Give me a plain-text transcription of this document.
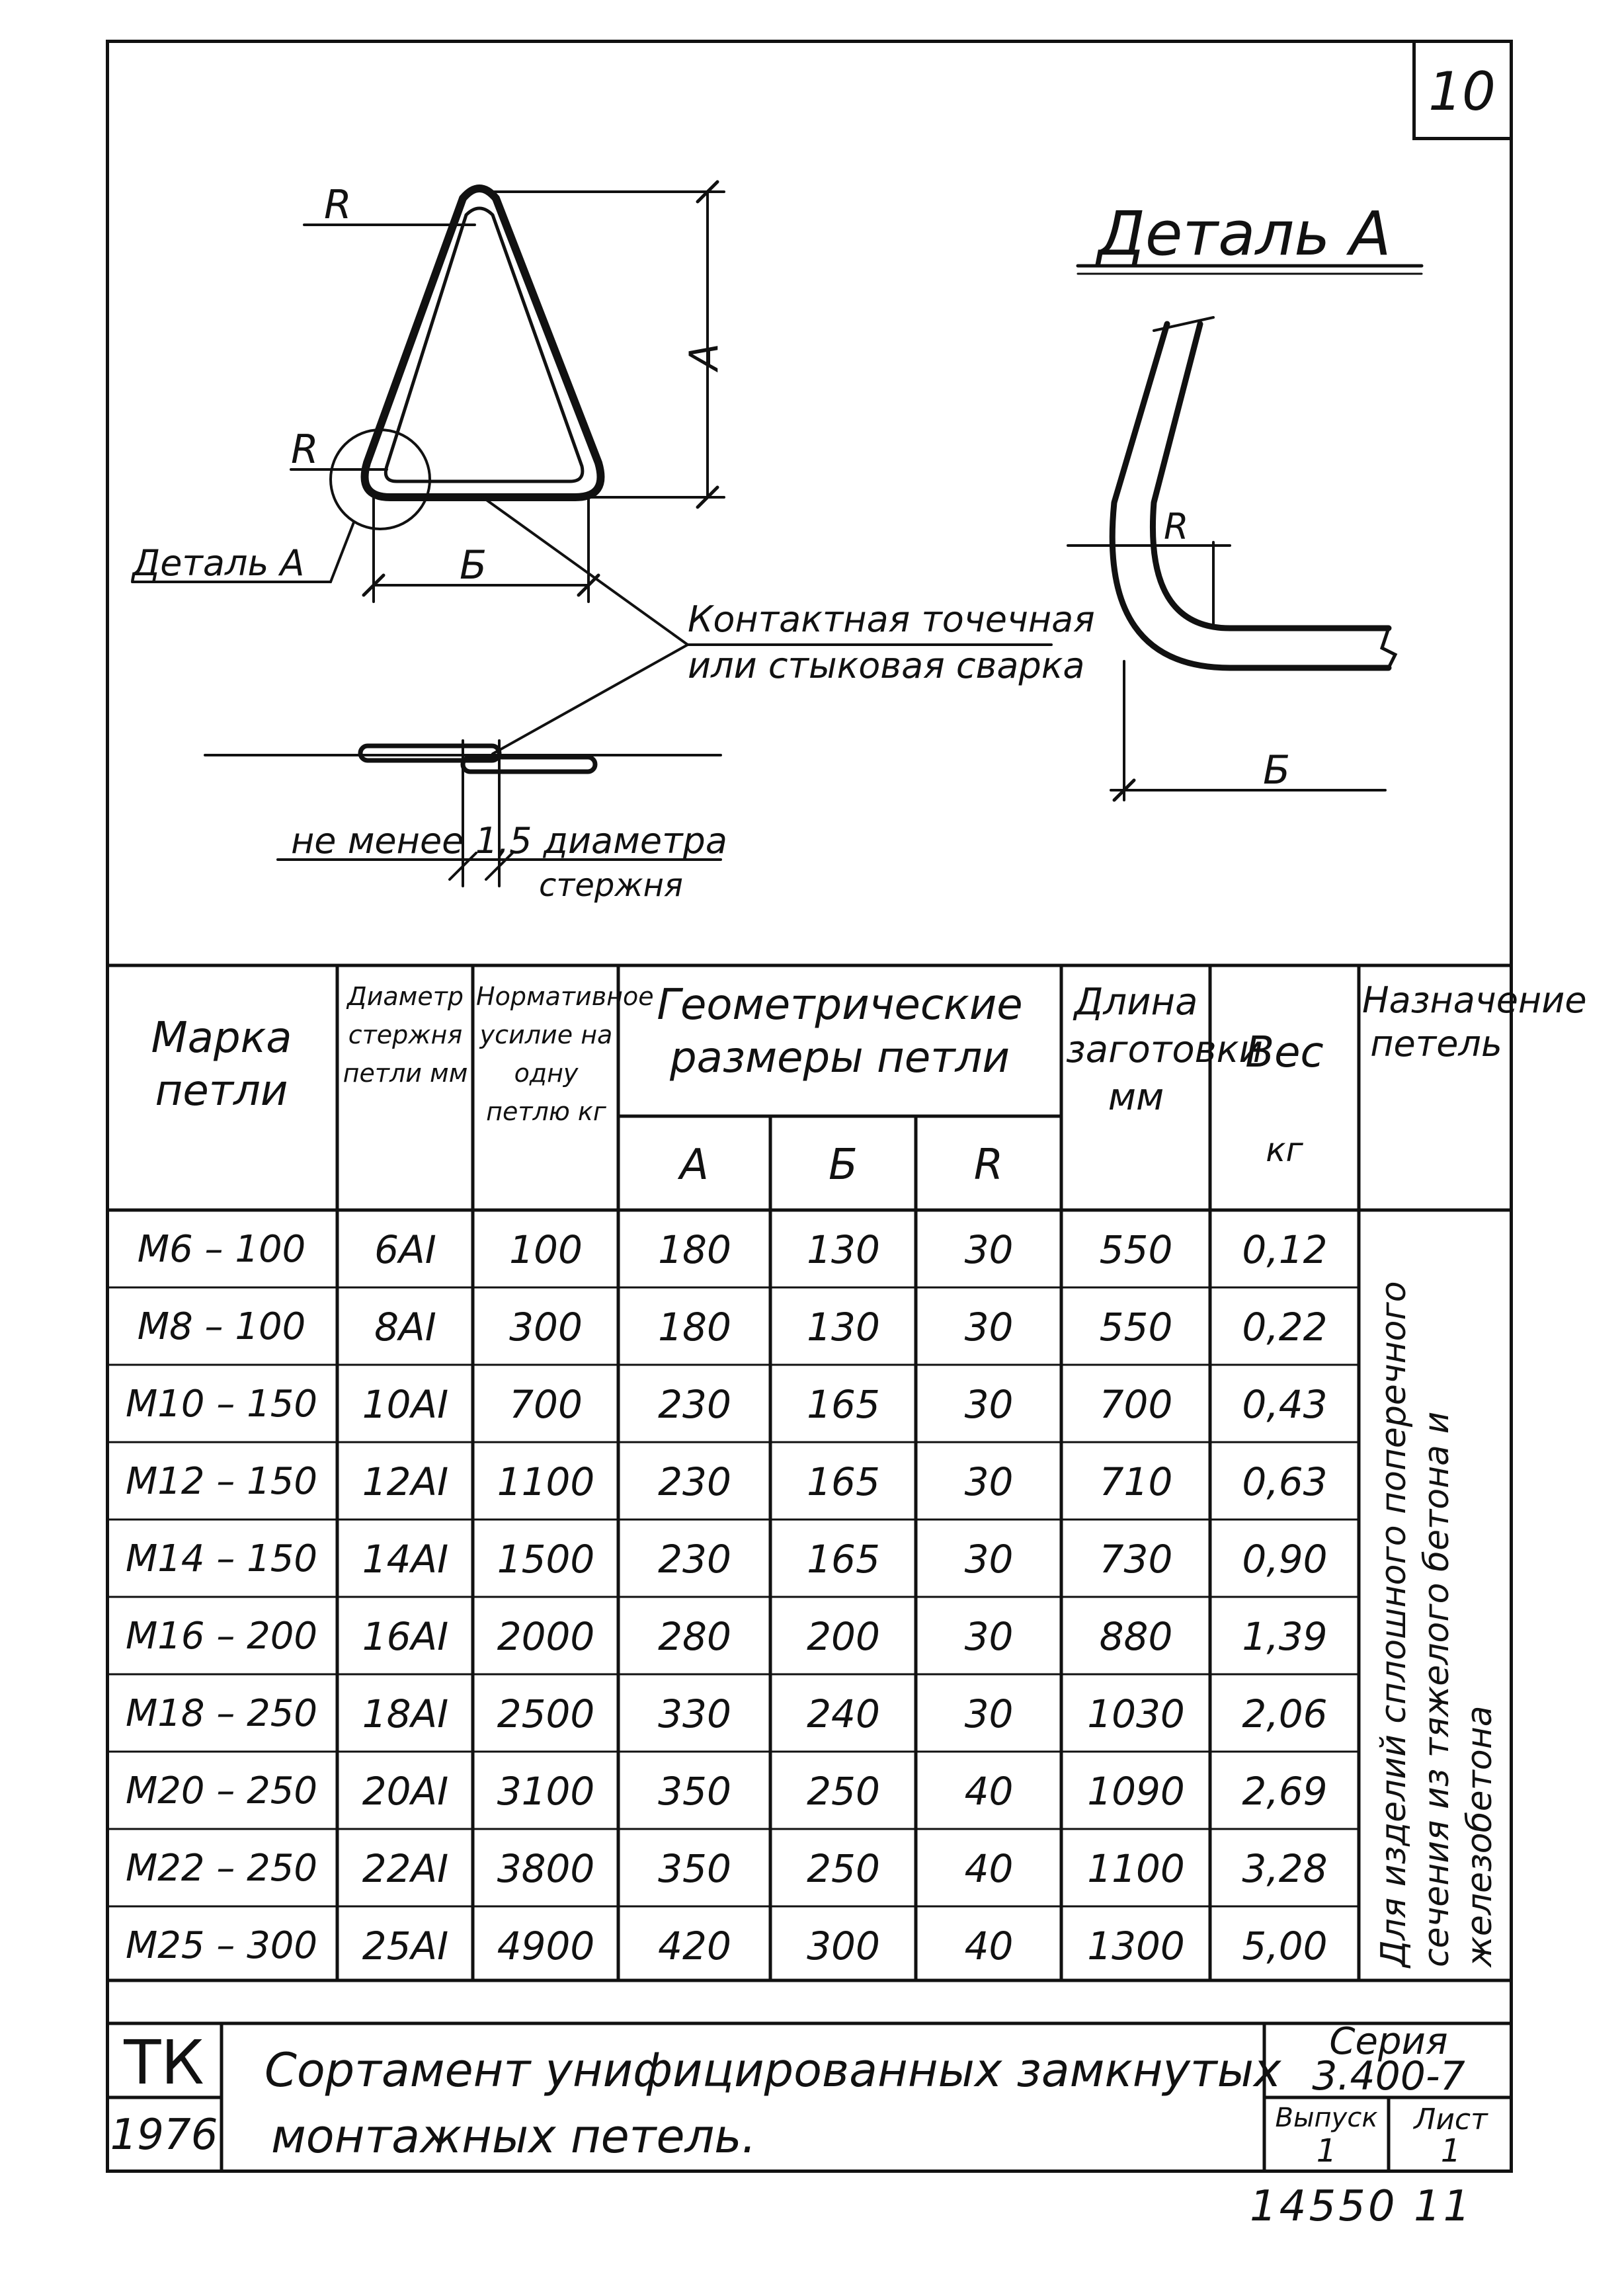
10
R
R
А
Б
Деталь А
Контактная точечная
или стыковая сварка
не менее 1,5 диаметра
стержня
Деталь А
R
Б
Для изделий сплошного поперечного сечения из тяжелого бетона и железобетона
Марка петли
Диаметр стержня петли мм
Нормативное усилие на одну петлю кг
Геометрические размеры петли
А	Б	R
Длина заготовки мм
Вес
кг
Назначение петель
М6 – 100	6АI	100	180	130	30	550	0,12
М8 – 100	8АI	300	180	130	30	550	0,22
М10 – 150	10АI	700	230	165	30	700	0,43
М12 – 150	12АI	1100	230	165	30	710	0,63
М14 – 150	14АI	1500	230	165	30	730	0,90
М16 – 200	16АI	2000	280	200	30	880	1,39
М18 – 250	18АI	2500	330	240	30	1030	2,06
М20 – 250	20АI	3100	350	250	40	1090	2,69
М22 – 250	22АI	3800	350	250	40	1100	3,28
М25 – 300	25АI	4900	420	300	40	1300	5,00
ТК
1976
Сортамент унифицированных замкнутых
монтажных петель.
Серия
3.400-7
Выпуск
1
Лист
1
14550 11
